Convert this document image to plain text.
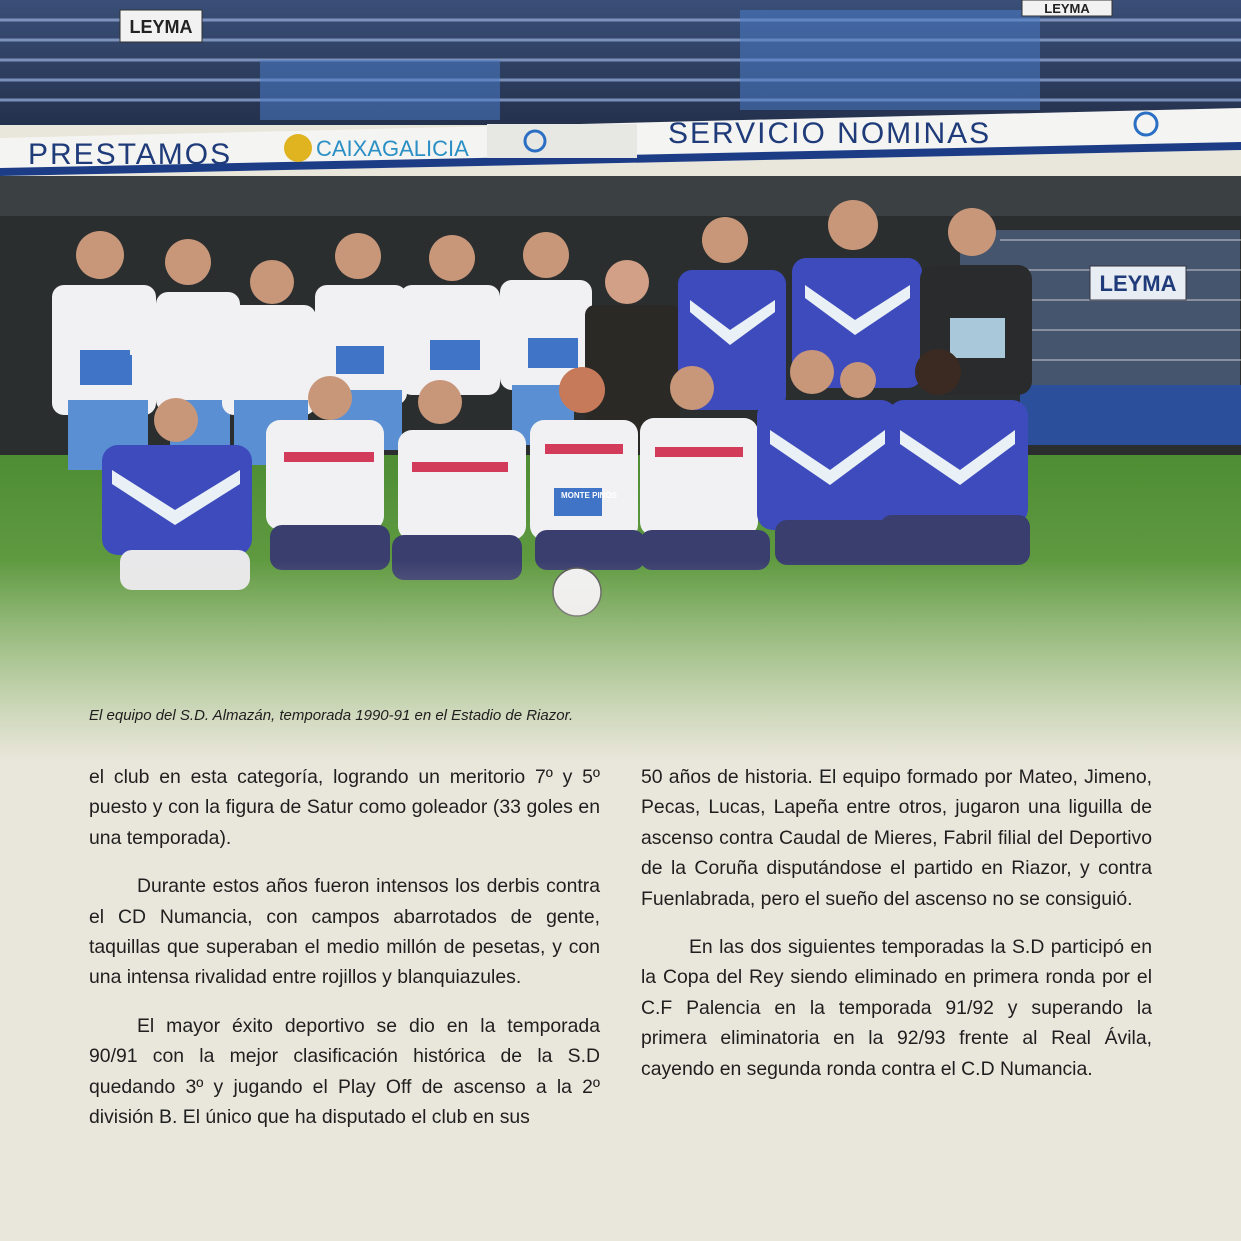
LEYMA
LEYMA
PRESTAMOS	CAIXAGALICIA	SERVICIO NOMINAS
LEYMA
MONTE PINOS
El equipo del S.D. Almazán, temporada 1990-91 en el Estadio de Riazor.

el club en esta categoría, logrando un meritorio 7º y 5º puesto y con la figura de Satur como goleador (33 goles en una temporada).

Durante estos años fueron intensos los derbis contra el CD Numancia, con campos abarrotados de gente, taquillas que superaban el medio millón de pesetas, y con una intensa rivalidad entre rojillos y blanquiazules.

El mayor éxito deportivo se dio en la temporada 90/91 con la mejor clasificación histórica de la S.D quedando 3º y jugando el Play Off de ascenso a la 2º división B. El único que ha disputado el club en sus

50 años de historia. El equipo formado por Mateo, Jimeno, Pecas, Lucas, Lapeña entre otros, jugaron una liguilla de ascenso contra Caudal de Mieres, Fabril filial del Deportivo de la Coruña disputándose el partido en Riazor, y contra Fuenlabrada, pero el sueño del ascenso no se consiguió.

En las dos siguientes temporadas la S.D participó en la Copa del Rey siendo eliminado en primera ronda por el C.F Palencia en la temporada 91/92 y superando la primera eliminatoria en la 92/93 frente al Real Ávila, cayendo en segunda ronda contra el C.D Numancia.
